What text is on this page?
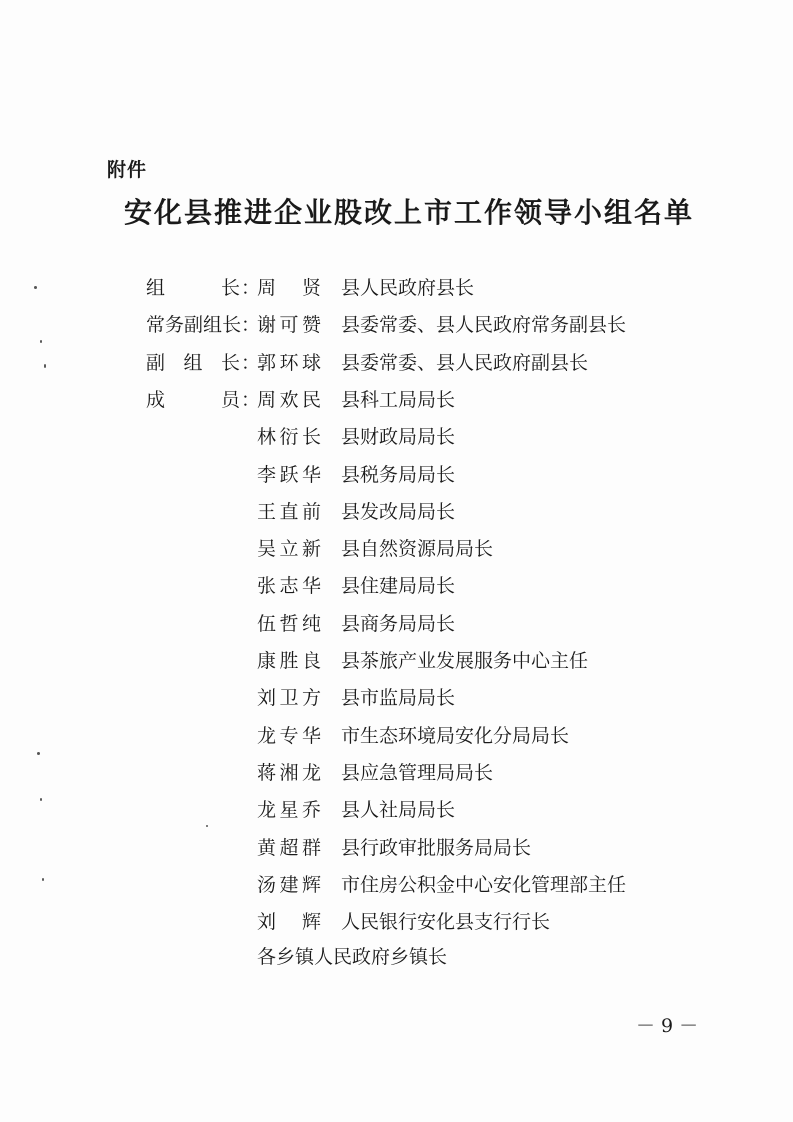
附件
安化县推进企业股改上市工作领导小组名单
组	长 ：
周 贤 县人民政府县长
常 务 副 组 长 ：
谢 可 赞 县委常委、县人民政府常务副县长
副 组 长 ：
郭 环 球 县委常委、县人民政府副县长
成	员 ：
周 欢 民 县科工局局长
林 衍 长 县财政局局长
李 跃 华 县税务局局长
王 直 前 县发改局局长
吴 立 新 县自然资源局局长
张 志 华 县住建局局长
伍 哲 纯 县商务局局长
康 胜 良 县茶旅产业发展服务中心主任
刘 卫 方 县市监局局长
龙 专 华 市生态环境局安化分局局长
蒋 湘 龙 县应急管理局局长
龙 星 乔 县人社局局长
黄 超 群 县行政审批服务局局长
汤 建 辉 市住房公积金中心安化管理部主任
刘 辉 人民银行安化县支行行长
各乡镇人民政府乡镇长
－ 9 －
